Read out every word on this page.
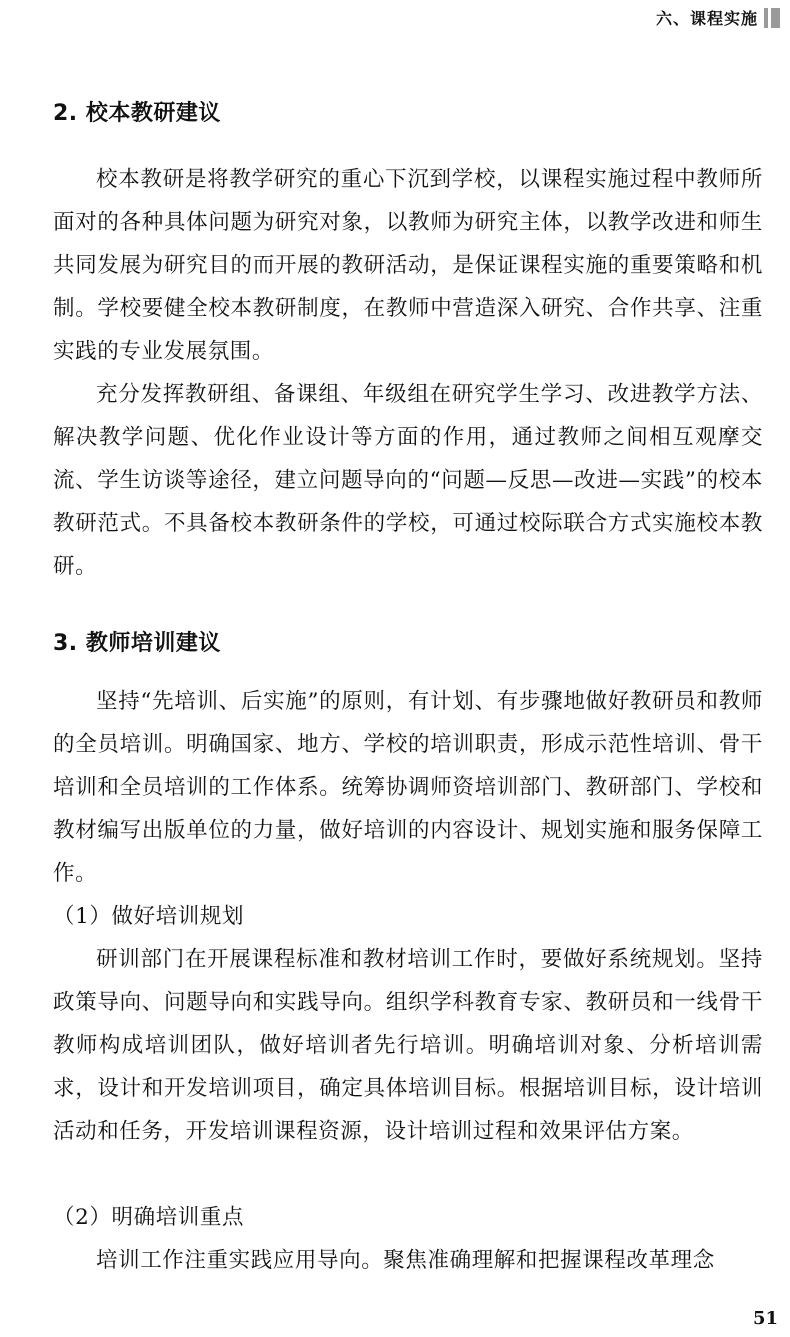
六、课程实施
2. 校本教研建议

校本教研是将教学研究的重心下沉到学校，以课程实施过程中教师所面对的各种具体问题为研究对象，以教师为研究主体，以教学改进和师生共同发展为研究目的而开展的教研活动，是保证课程实施的重要策略和机制。学校要健全校本教研制度，在教师中营造深入研究、合作共享、注重实践的专业发展氛围。

充分发挥教研组、备课组、年级组在研究学生学习、改进教学方法、解决教学问题、优化作业设计等方面的作用，通过教师之间相互观摩交流、学生访谈等途径，建立问题导向的“问题—反思—改进—实践”的校本教研范式。不具备校本教研条件的学校，可通过校际联合方式实施校本教研。

3. 教师培训建议

坚持“先培训、后实施”的原则，有计划、有步骤地做好教研员和教师的全员培训。明确国家、地方、学校的培训职责，形成示范性培训、骨干培训和全员培训的工作体系。统筹协调师资培训部门、教研部门、学校和教材编写出版单位的力量，做好培训的内容设计、规划实施和服务保障工作。

（1）做好培训规划

研训部门在开展课程标准和教材培训工作时，要做好系统规划。坚持政策导向、问题导向和实践导向。组织学科教育专家、教研员和一线骨干教师构成培训团队，做好培训者先行培训。明确培训对象、分析培训需求，设计和开发培训项目，确定具体培训目标。根据培训目标，设计培训活动和任务，开发培训课程资源，设计培训过程和效果评估方案。

（2）明确培训重点

培训工作注重实践应用导向。聚焦准确理解和把握课程改革理念

51
